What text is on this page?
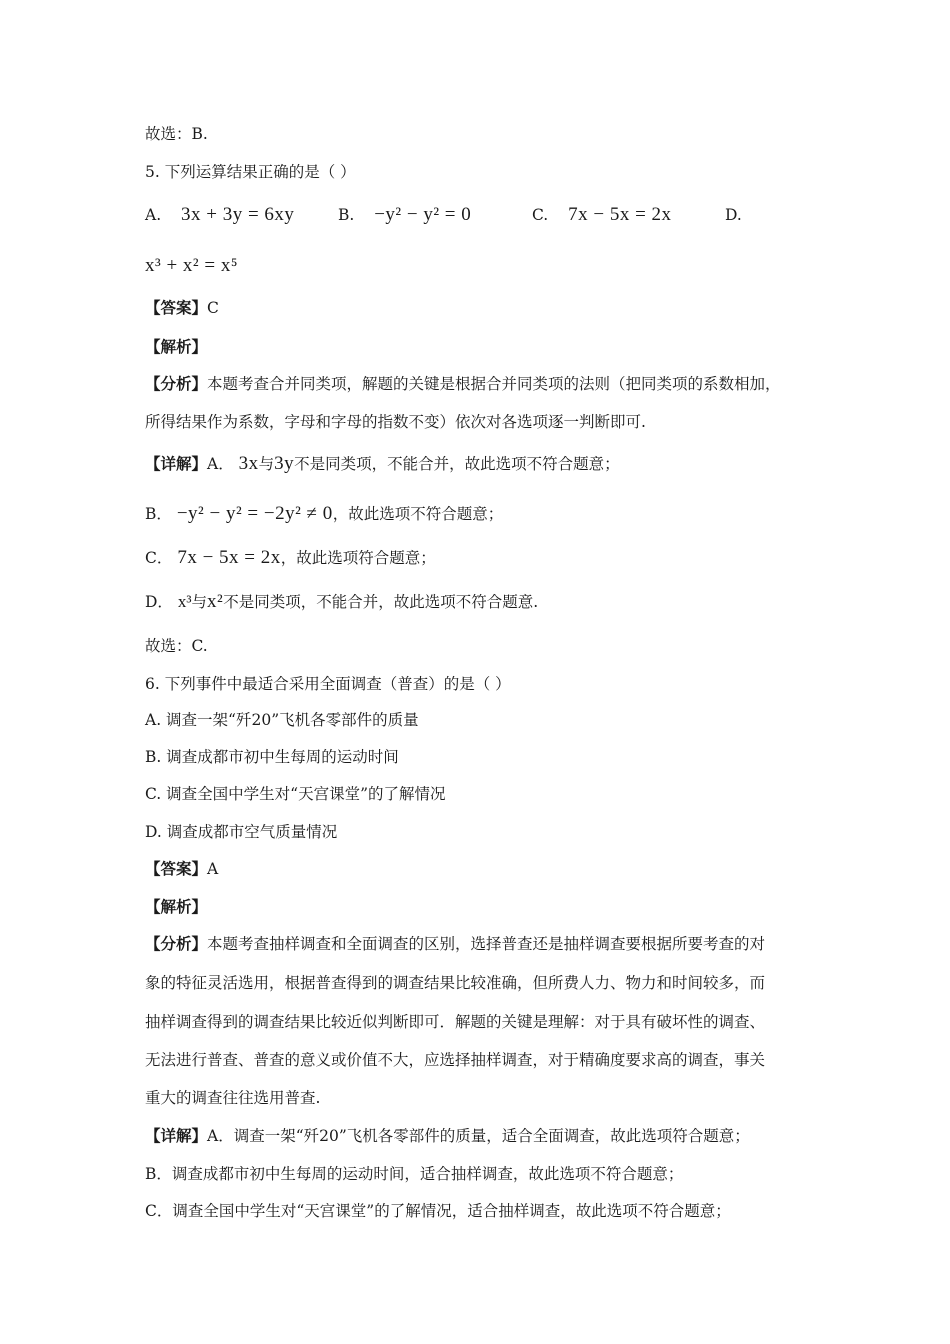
故选：B.
5. 下列运算结果正确的是（ ）
A. 3x + 3y = 6xy	B. −y² − y² = 0	C. 7x − 5x = 2x	D.
x³ + x² = x⁵
【答案】C
【解析】
【分析】本题考查合并同类项，解题的关键是根据合并同类项的法则（把同类项的系数相加，
所得结果作为系数，字母和字母的指数不变）依次对各选项逐一判断即可.
【详解】A． 3x与3y不是同类项，不能合并，故此选项不符合题意；
B． −y² − y² = −2y² ≠ 0，故此选项不符合题意；
C． 7x − 5x = 2x，故此选项符合题意；
D． x³与x²不是同类项，不能合并，故此选项不符合题意.
故选：C.
6. 下列事件中最适合采用全面调查（普查）的是（ ）
A. 调查一架“歼20”飞机各零部件的质量
B. 调查成都市初中生每周的运动时间
C. 调查全国中学生对“天宫课堂”的了解情况
D. 调查成都市空气质量情况
【答案】A
【解析】
【分析】本题考查抽样调查和全面调查的区别，选择普查还是抽样调查要根据所要考查的对
象的特征灵活选用，根据普查得到的调查结果比较准确，但所费人力、物力和时间较多，而
抽样调查得到的调查结果比较近似判断即可．解题的关键是理解：对于具有破坏性的调查、
无法进行普查、普查的意义或价值不大，应选择抽样调查，对于精确度要求高的调查，事关
重大的调查往往选用普查.
【详解】A．调查一架“歼20”飞机各零部件的质量，适合全面调查，故此选项符合题意；
B．调查成都市初中生每周的运动时间，适合抽样调查，故此选项不符合题意；
C．调查全国中学生对“天宫课堂”的了解情况，适合抽样调查，故此选项不符合题意；
